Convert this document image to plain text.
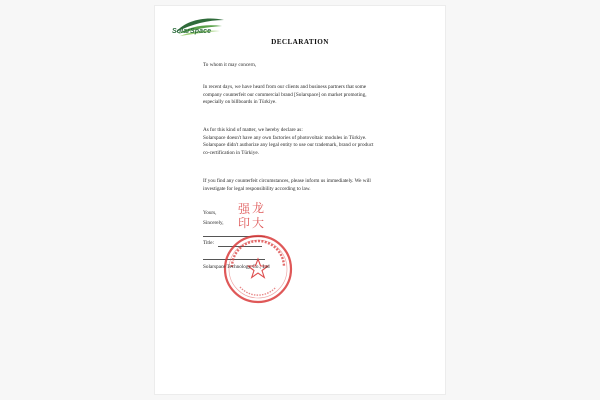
SolarSpace
DECLARATION
To whom it may concern,
In recent days, we have heard from our clients and business partners that some
company counterfeit our commercial brand [Solarspace] on market promoting,
especially on billboards in Türkiye.
As for this kind of matter, we hereby declare as:
Solarspace doesn't have any own factories of photovoltaic modules in Türkiye.
Solarspace didn't authorize any legal entity to use our trademark, brand or product
co-certification in Türkiye.
If you find any counterfeit circumstances, please inform us immediately. We will
investigate for legal responsibility according to law.
Yours,
Sincerely,
强 龙
印 大
Title:
Solarspace Technology Co., Ltd
